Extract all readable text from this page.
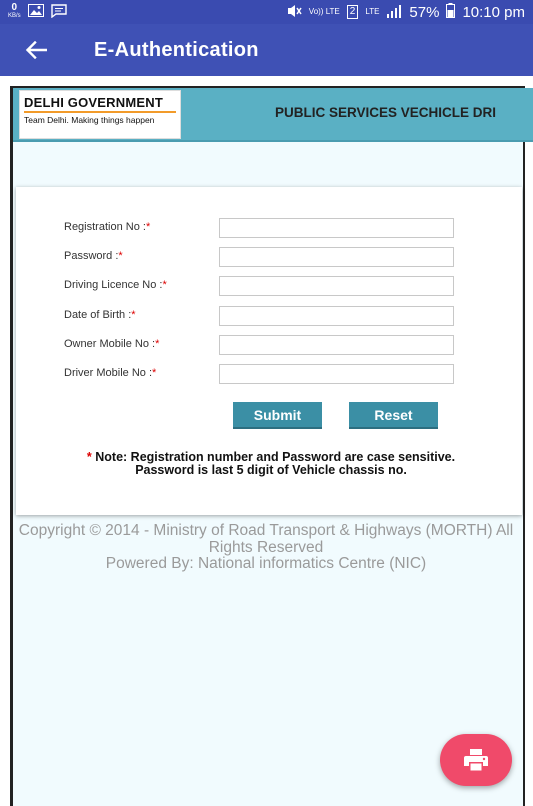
0
KB/s	Vo)) LTE	2	LTE 57% 10:10 pm
E-Authentication
DELHI GOVERNMENT
Team Delhi. Making things happen	PUBLIC SERVICES VECHICLE DRI
Registration No :*
Password :*
Driving Licence No :*
Date of Birth :*
Owner Mobile No :*
Driver Mobile No :*
Submit	Reset
* Note: Registration number and Password are case sensitive.
Password is last 5 digit of Vehicle chassis no.
Copyright © 2014 - Ministry of Road Transport & Highways (MORTH) All Rights Reserved
Powered By: National informatics Centre (NIC)
